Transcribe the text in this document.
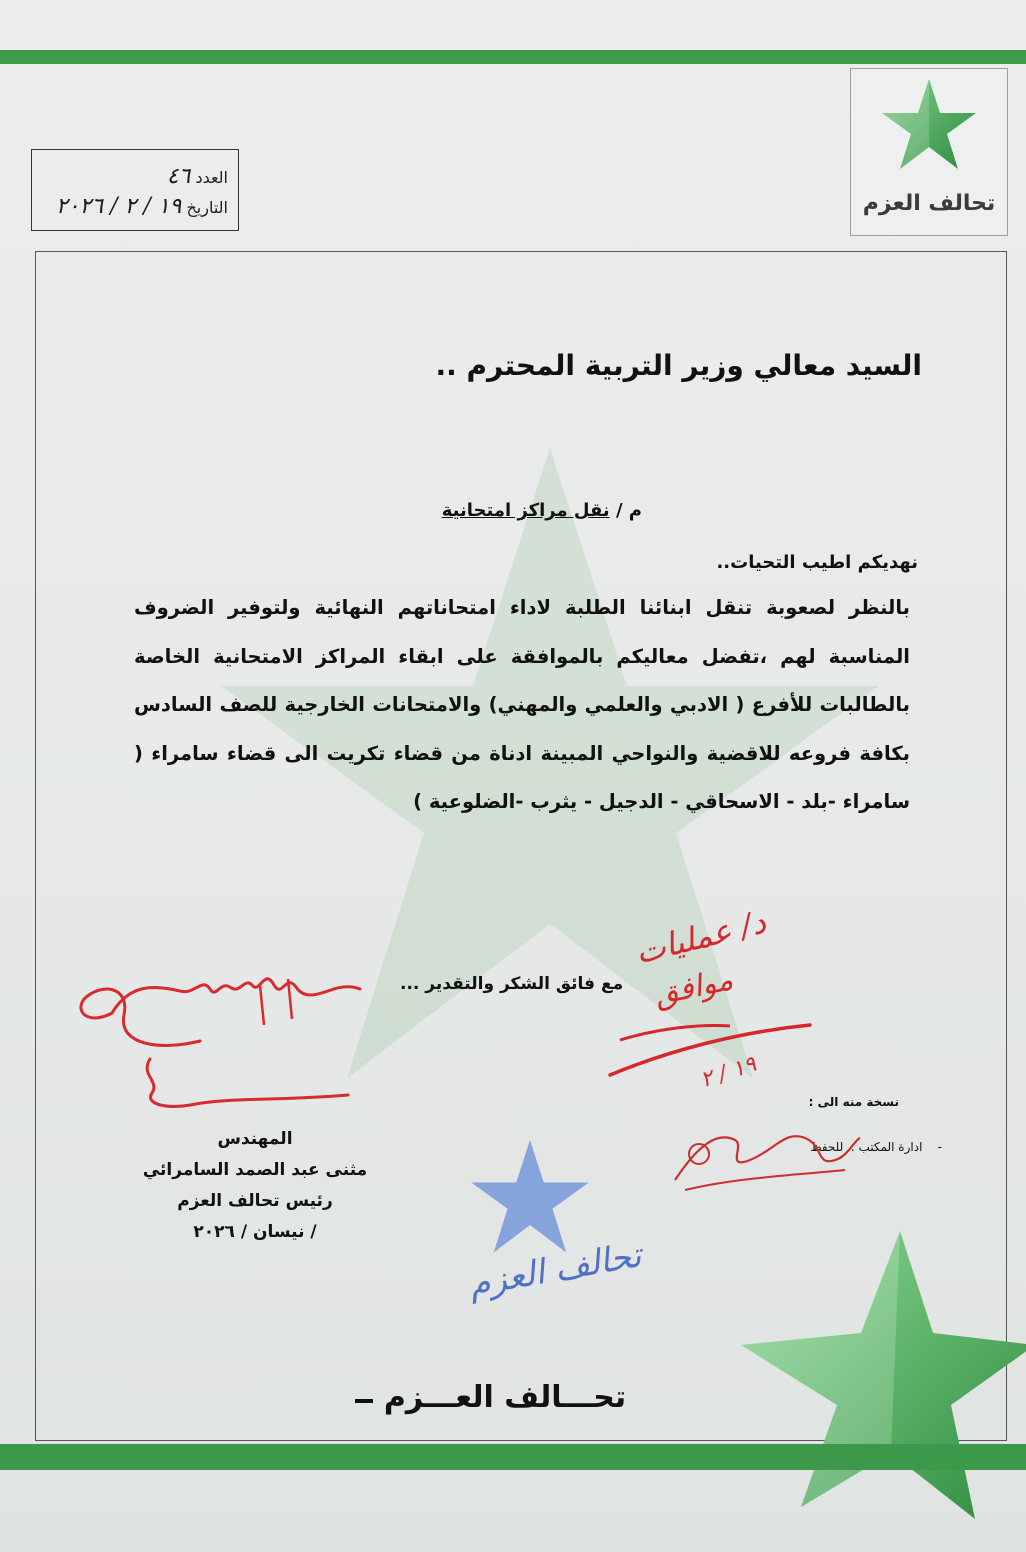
تحالف العزم
العدد ٤٦
التاريخ ١٩ / ٢ / ٢٠٢٦
السيد معالي وزير التربية المحترم ..
م / نقل مراكز امتحانية
نهديكم اطيب التحيات..
بالنظر لصعوبة تنقل ابنائنا الطلبة لاداء امتحاناتهم النهائية ولتوفير الضروف المناسبة لهم ،تفضل معاليكم بالموافقة على ابقاء المراكز الامتحانية الخاصة بالطالبات للأفرع ( الادبي والعلمي والمهني) والامتحانات الخارجية للصف السادس بكافة فروعه للاقضية والنواحي المبينة ادناة من قضاء تكريت الى قضاء سامراء ( سامراء -بلد - الاسحاقي - الدجيل - يثرب -الضلوعية )
مع فائق الشكر والتقدير ...
المهندس
مثنى عبد الصمد السامرائي
رئيس تحالف العزم
/ نيسان / ٢٠٢٦
نسخة منه الى :
-    ادارة المكتب .. للحفظ
د/ عمليات
موافق
١٩ / ٢
تحالف العزم
تحـــالف العـــزم
